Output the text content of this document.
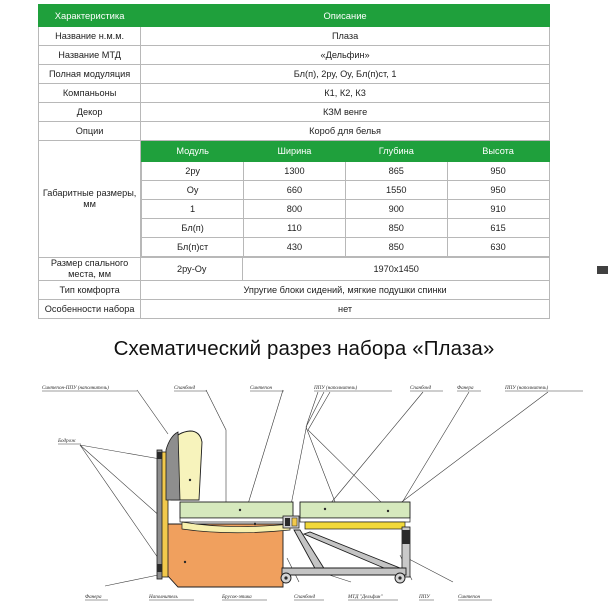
Характеристика	Описание
Название н.м.м.	Плаза
Название МТД	«Дельфин»
Полная модуляция	Бл(п), 2ру, Оу, Бл(п)ст, 1
Компаньоны	К1, К2, К3
Декор	КЗМ венге
Опции	Короб для белья
Габаритные размеры, мм	
Модуль	Ширина	Глубина	Высота
2ру	1300	865	950
Оу	660	1550	950
1	800	900	910
Бл(п)	110	850	615
Бл(п)ст	430	850	630

Размер спального места, мм	2ру-Оу	1970x1450
Тип комфорта	Упругие блоки сидений, мягкие подушки спинки
Особенности набора	нет
Схематический разрез набора «Плаза»
Синтепон-ППУ (наполнитель)	Спанбонд	Синтепон	ППУ (наполнитель)	Спанбонд	Фанера	ППУ (наполнитель)
Бодрож
Фанера	Наполнитель	Брусок-этика	Спанбонд	МТД "Дельфин"	ППУ	Синтепон
